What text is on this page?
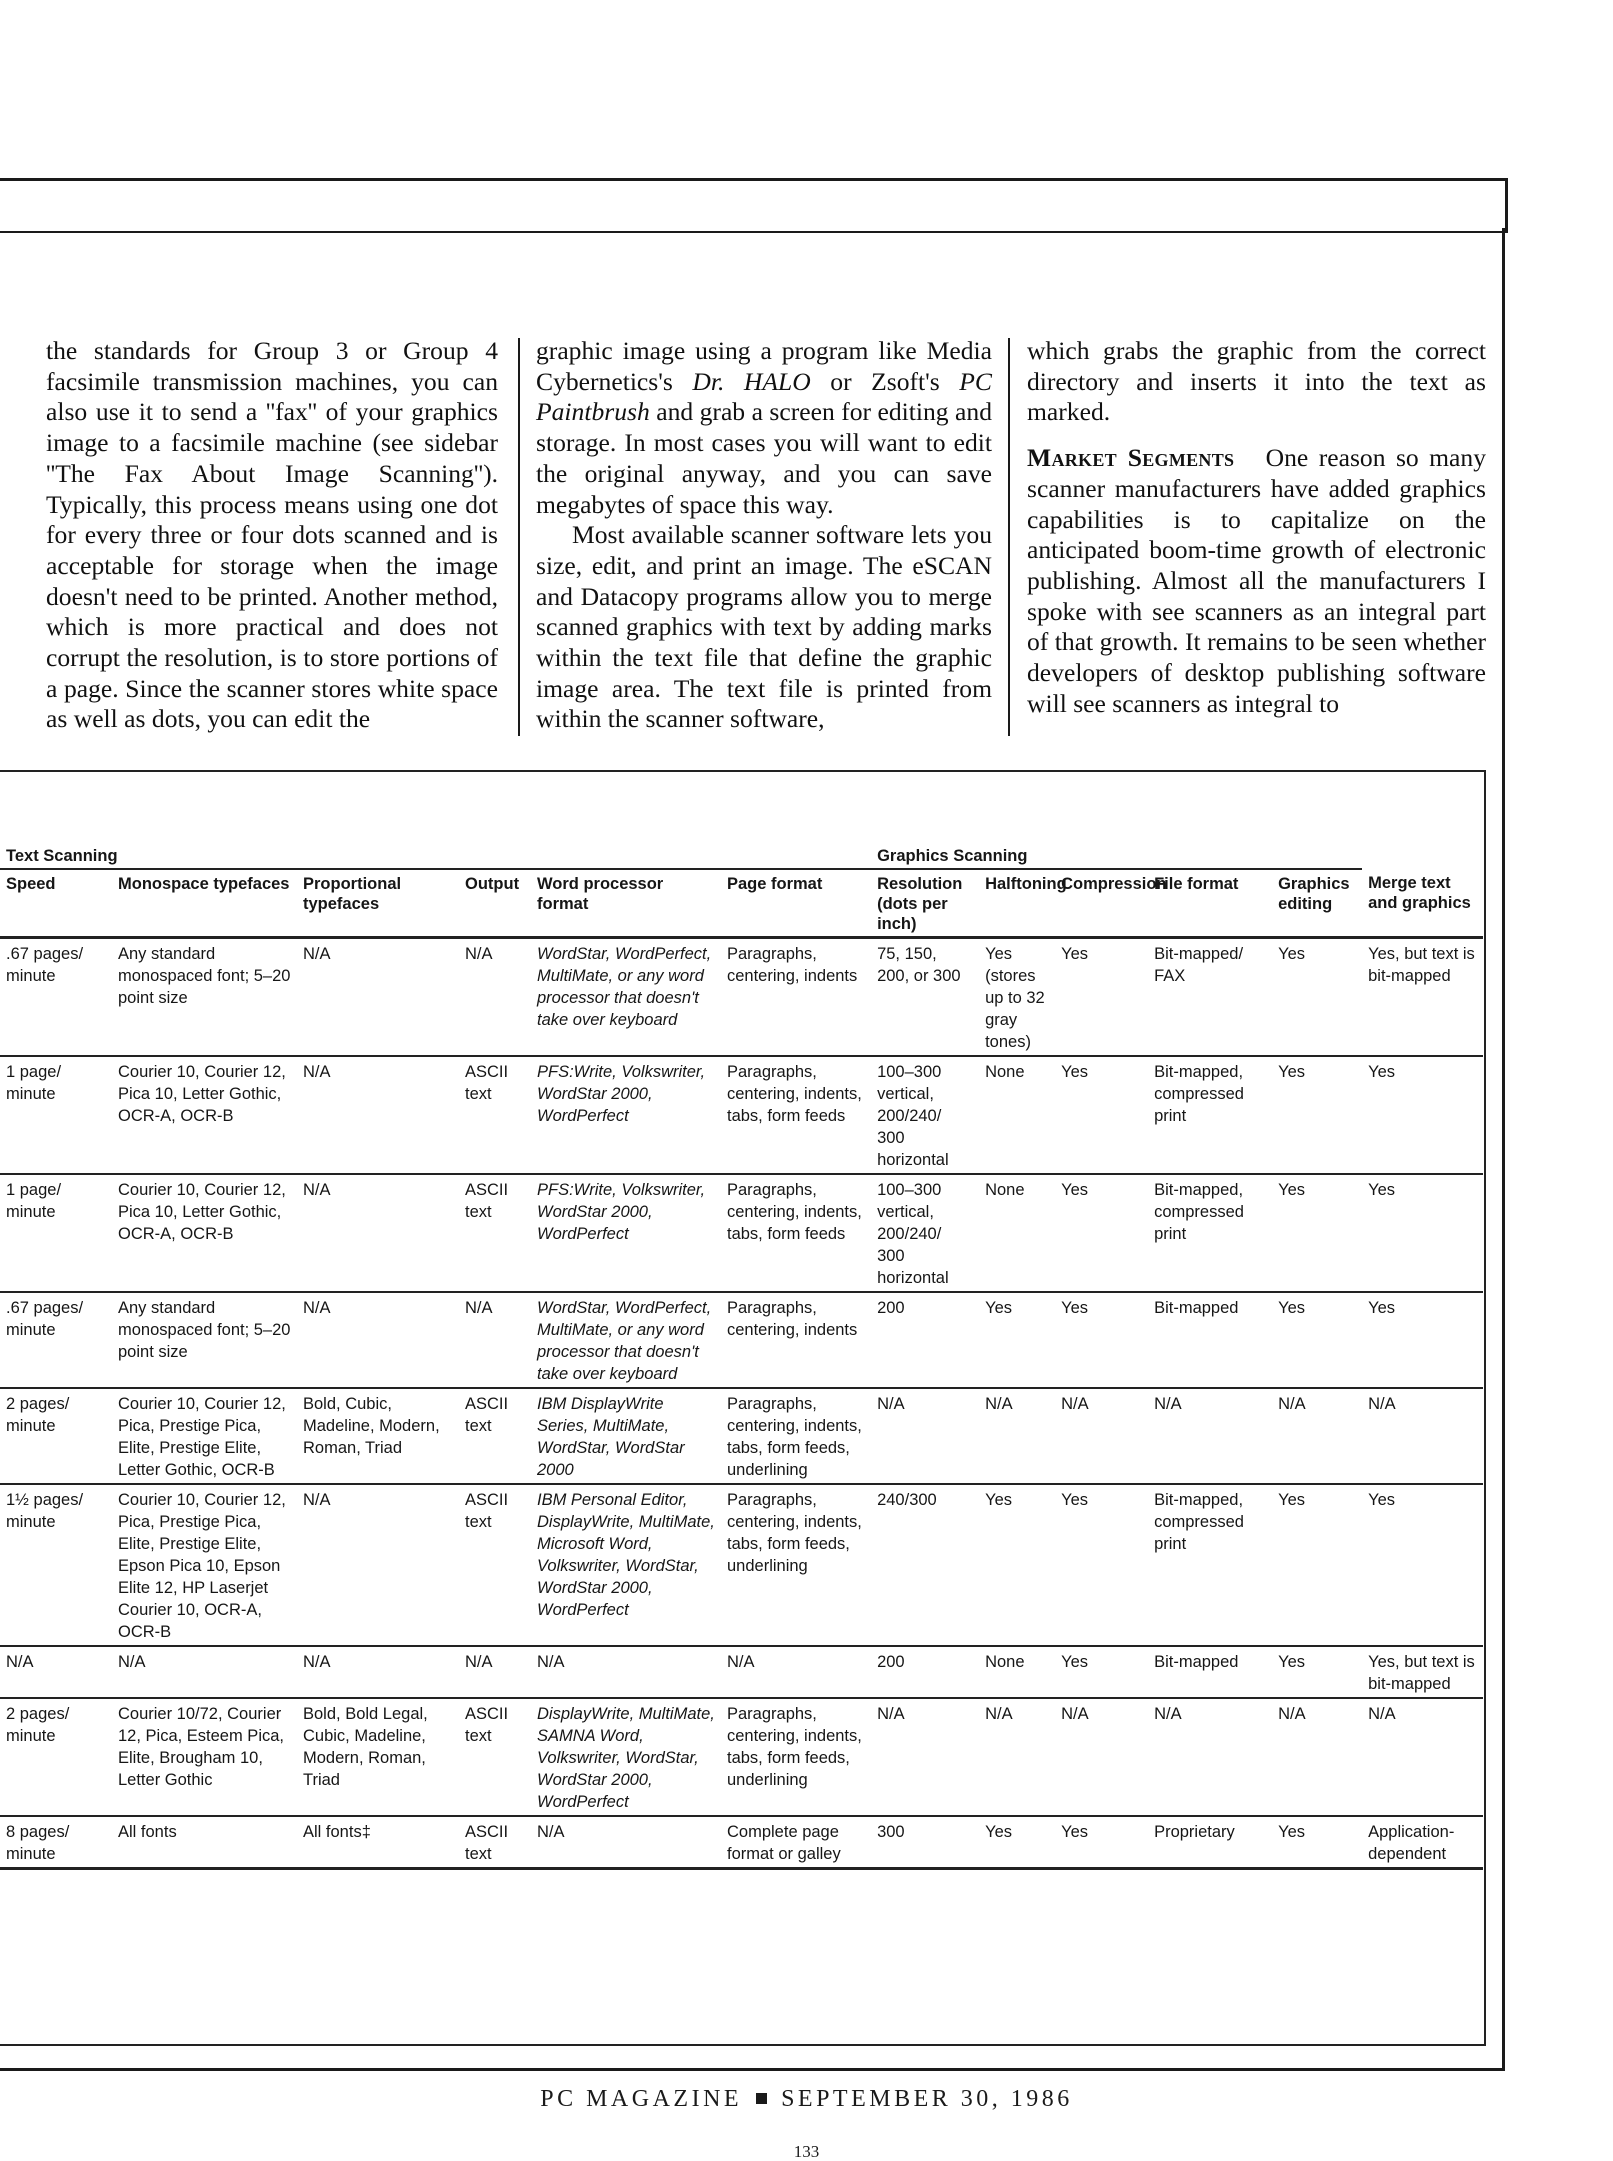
the standards for Group 3 or Group 4 facsimile transmission machines, you can also use it to send a ''fax'' of your graphics image to a facsimile machine (see sidebar ''The Fax About Image Scanning''). Typically, this process means using one dot for every three or four dots scanned and is acceptable for storage when the image doesn't need to be printed. Another method, which is more practical and does not corrupt the resolution, is to store portions of a page. Since the scanner stores white space as well as dots, you can edit the

graphic image using a program like Media Cybernetics's Dr. HALO or Zsoft's PC Paintbrush and grab a screen for editing and storage. In most cases you will want to edit the original anyway, and you can save megabytes of space this way.

Most available scanner software lets you size, edit, and print an image. The eSCAN and Datacopy programs allow you to merge scanned graphics with text by adding marks within the text file that define the graphic image area. The text file is printed from within the scanner software,

which grabs the graphic from the correct directory and inserts it into the text as marked.

Market Segments One reason so many scanner manufacturers have added graphics capabilities is to capitalize on the anticipated boom-time growth of electronic publishing. Almost all the manufacturers I spoke with see scanners as an integral part of that growth. It remains to be seen whether developers of desktop publishing software will see scanners as integral to

Text Scanning						Graphics Scanning					
Speed	Monospace typefaces	Proportional typefaces	Output	Word processor format	Page format	Resolution (dots per inch)	Halftoning	Compression	File format	Graphics editing	Merge text and graphics
.67 pages/ minute	Any standard monospaced font; 5–20 point size	N/A	N/A	WordStar, WordPerfect, MultiMate, or any word processor that doesn't take over keyboard	Paragraphs, centering, indents	75, 150, 200, or 300	Yes (stores up to 32 gray tones)	Yes	Bit-mapped/ FAX	Yes	Yes, but text is bit-mapped
1 page/ minute	Courier 10, Courier 12, Pica 10, Letter Gothic, OCR-A, OCR-B	N/A	ASCII text	PFS:Write, Volkswriter, WordStar 2000, WordPerfect	Paragraphs, centering, indents, tabs, form feeds	100–300 vertical, 200/240/ 300 horizontal	None	Yes	Bit-mapped, compressed print	Yes	Yes
1 page/ minute	Courier 10, Courier 12, Pica 10, Letter Gothic, OCR-A, OCR-B	N/A	ASCII text	PFS:Write, Volkswriter, WordStar 2000, WordPerfect	Paragraphs, centering, indents, tabs, form feeds	100–300 vertical, 200/240/ 300 horizontal	None	Yes	Bit-mapped, compressed print	Yes	Yes
.67 pages/ minute	Any standard monospaced font; 5–20 point size	N/A	N/A	WordStar, WordPerfect, MultiMate, or any word processor that doesn't take over keyboard	Paragraphs, centering, indents	200	Yes	Yes	Bit-mapped	Yes	Yes
2 pages/ minute	Courier 10, Courier 12, Pica, Prestige Pica, Elite, Prestige Elite, Letter Gothic, OCR-B	Bold, Cubic, Madeline, Modern, Roman, Triad	ASCII text	IBM DisplayWrite Series, MultiMate, WordStar, WordStar 2000	Paragraphs, centering, indents, tabs, form feeds, underlining	N/A	N/A	N/A	N/A	N/A	N/A
1½ pages/ minute	Courier 10, Courier 12, Pica, Prestige Pica, Elite, Prestige Elite, Epson Pica 10, Epson Elite 12, HP Laserjet Courier 10, OCR-A, OCR-B	N/A	ASCII text	IBM Personal Editor, DisplayWrite, MultiMate, Microsoft Word, Volkswriter, WordStar, WordStar 2000, WordPerfect	Paragraphs, centering, indents, tabs, form feeds, underlining	240/300	Yes	Yes	Bit-mapped, compressed print	Yes	Yes
N/A	N/A	N/A	N/A	N/A	N/A	200	None	Yes	Bit-mapped	Yes	Yes, but text is bit-mapped
2 pages/ minute	Courier 10/72, Courier 12, Pica, Esteem Pica, Elite, Brougham 10, Letter Gothic	Bold, Bold Legal, Cubic, Madeline, Modern, Roman, Triad	ASCII text	DisplayWrite, MultiMate, SAMNA Word, Volkswriter, WordStar, WordStar 2000, WordPerfect	Paragraphs, centering, indents, tabs, form feeds, underlining	N/A	N/A	N/A	N/A	N/A	N/A
8 pages/ minute	All fonts	All fonts‡	ASCII text	N/A	Complete page format or galley	300	Yes	Yes	Proprietary	Yes	Application-dependent
PC MAGAZINE SEPTEMBER 30, 1986
133
